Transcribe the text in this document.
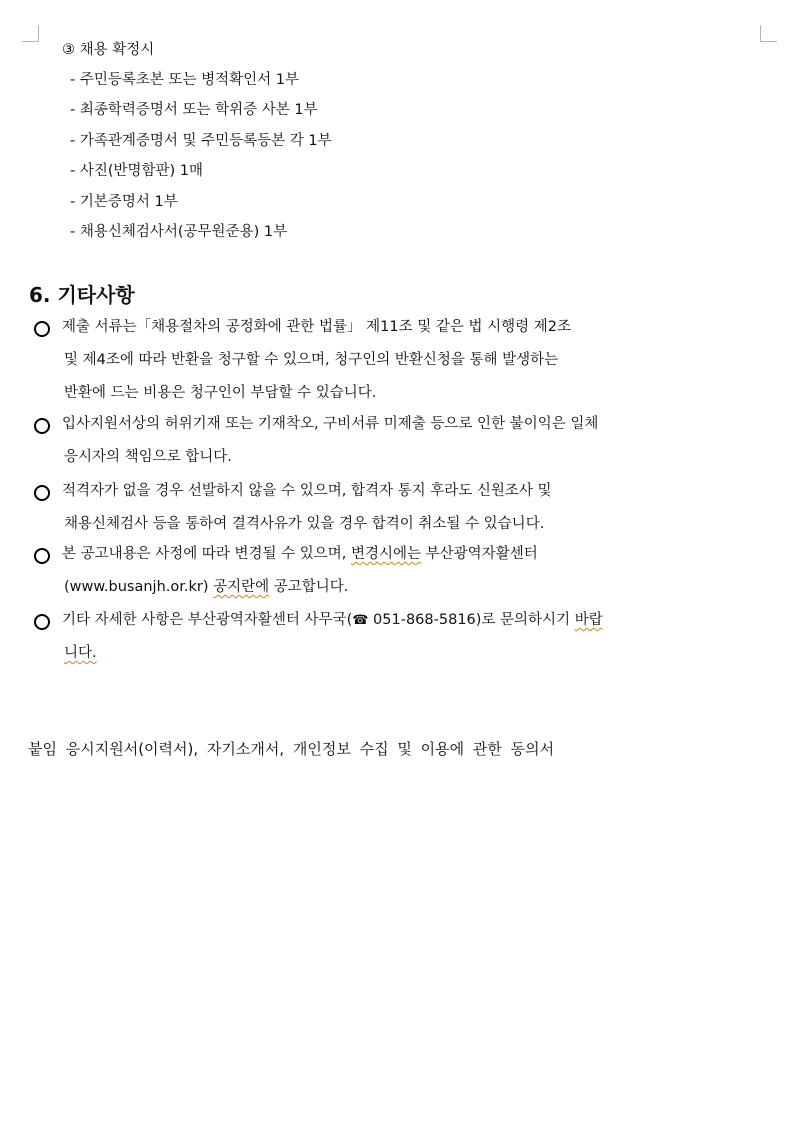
③ 채용 확정시
- 주민등록초본 또는 병적확인서 1부
- 최종학력증명서 또는 학위증 사본 1부
- 가족관계증명서 및 주민등록등본 각 1부
- 사진(반명함판) 1매
- 기본증명서 1부
- 채용신체검사서(공무원준용) 1부
6. 기타사항
제출 서류는「채용절차의 공정화에 관한 법률」 제11조 및 같은 법 시행령 제2조
및 제4조에 따라 반환을 청구할 수 있으며, 청구인의 반환신청을 통해 발생하는
반환에 드는 비용은 청구인이 부담할 수 있습니다.
입사지원서상의 허위기재 또는 기재착오, 구비서류 미제출 등으로 인한 불이익은 일체
응시자의 책임으로 합니다.
적격자가 없을 경우 선발하지 않을 수 있으며, 합격자 통지 후라도 신원조사 및
채용신체검사 등을 통하여 결격사유가 있을 경우 합격이 취소될 수 있습니다.
본 공고내용은 사정에 따라 변경될 수 있으며, 변경시에는 부산광역자활센터
(www.busanjh.or.kr) 공지란에 공고합니다.
기타 자세한 사항은 부산광역자활센터 사무국(☎ 051-868-5816)로 문의하시기 바랍
니다.
붙임 응시지원서(이력서), 자기소개서, 개인정보 수집 및 이용에 관한 동의서
